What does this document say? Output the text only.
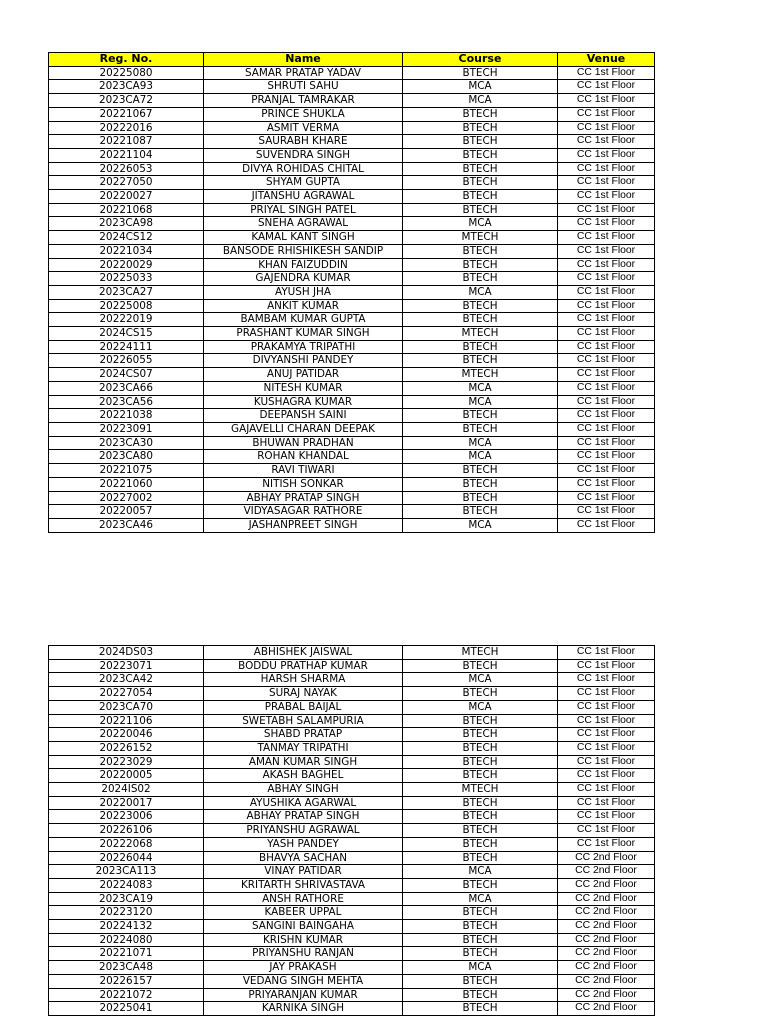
Reg. No.	Name	Course	Venue
20225080	SAMAR PRATAP YADAV	BTECH	CC 1st Floor
2023CA93	SHRUTI SAHU	MCA	CC 1st Floor
2023CA72	PRANJAL TAMRAKAR	MCA	CC 1st Floor
20221067	PRINCE SHUKLA	BTECH	CC 1st Floor
20222016	ASMIT VERMA	BTECH	CC 1st Floor
20221087	SAURABH KHARE	BTECH	CC 1st Floor
20221104	SUVENDRA SINGH	BTECH	CC 1st Floor
20226053	DIVYA ROHIDAS CHITAL	BTECH	CC 1st Floor
20227050	SHYAM GUPTA	BTECH	CC 1st Floor
20220027	JITANSHU AGRAWAL	BTECH	CC 1st Floor
20221068	PRIYAL SINGH PATEL	BTECH	CC 1st Floor
2023CA98	SNEHA AGRAWAL	MCA	CC 1st Floor
2024CS12	KAMAL KANT SINGH	MTECH	CC 1st Floor
20221034	BANSODE RHISHIKESH SANDIP	BTECH	CC 1st Floor
20220029	KHAN FAIZUDDIN	BTECH	CC 1st Floor
20225033	GAJENDRA KUMAR	BTECH	CC 1st Floor
2023CA27	AYUSH JHA	MCA	CC 1st Floor
20225008	ANKIT KUMAR	BTECH	CC 1st Floor
20222019	BAMBAM KUMAR GUPTA	BTECH	CC 1st Floor
2024CS15	PRASHANT KUMAR SINGH	MTECH	CC 1st Floor
20224111	PRAKAMYA TRIPATHI	BTECH	CC 1st Floor
20226055	DIVYANSHI PANDEY	BTECH	CC 1st Floor
2024CS07	ANUJ PATIDAR	MTECH	CC 1st Floor
2023CA66	NITESH KUMAR	MCA	CC 1st Floor
2023CA56	KUSHAGRA KUMAR	MCA	CC 1st Floor
20221038	DEEPANSH SAINI	BTECH	CC 1st Floor
20223091	GAJAVELLI CHARAN DEEPAK	BTECH	CC 1st Floor
2023CA30	BHUWAN PRADHAN	MCA	CC 1st Floor
2023CA80	ROHAN KHANDAL	MCA	CC 1st Floor
20221075	RAVI TIWARI	BTECH	CC 1st Floor
20221060	NITISH SONKAR	BTECH	CC 1st Floor
20227002	ABHAY PRATAP SINGH	BTECH	CC 1st Floor
20220057	VIDYASAGAR RATHORE	BTECH	CC 1st Floor
2023CA46	JASHANPREET SINGH	MCA	CC 1st Floor
2024DS03	ABHISHEK JAISWAL	MTECH	CC 1st Floor
20223071	BODDU PRATHAP KUMAR	BTECH	CC 1st Floor
2023CA42	HARSH SHARMA	MCA	CC 1st Floor
20227054	SURAJ NAYAK	BTECH	CC 1st Floor
2023CA70	PRABAL BAIJAL	MCA	CC 1st Floor
20221106	SWETABH SALAMPURIA	BTECH	CC 1st Floor
20220046	SHABD PRATAP	BTECH	CC 1st Floor
20226152	TANMAY TRIPATHI	BTECH	CC 1st Floor
20223029	AMAN KUMAR SINGH	BTECH	CC 1st Floor
20220005	AKASH BAGHEL	BTECH	CC 1st Floor
2024IS02	ABHAY SINGH	MTECH	CC 1st Floor
20220017	AYUSHIKA AGARWAL	BTECH	CC 1st Floor
20223006	ABHAY PRATAP SINGH	BTECH	CC 1st Floor
20226106	PRIYANSHU AGRAWAL	BTECH	CC 1st Floor
20222068	YASH PANDEY	BTECH	CC 1st Floor
20226044	BHAVYA SACHAN	BTECH	CC 2nd Floor
2023CA113	VINAY PATIDAR	MCA	CC 2nd Floor
20224083	KRITARTH SHRIVASTAVA	BTECH	CC 2nd Floor
2023CA19	ANSH RATHORE	MCA	CC 2nd Floor
20223120	KABEER UPPAL	BTECH	CC 2nd Floor
20224132	SANGINI BAINGAHA	BTECH	CC 2nd Floor
20224080	KRISHN KUMAR	BTECH	CC 2nd Floor
20221071	PRIYANSHU RANJAN	BTECH	CC 2nd Floor
2023CA48	JAY PRAKASH	MCA	CC 2nd Floor
20226157	VEDANG SINGH MEHTA	BTECH	CC 2nd Floor
20221072	PRIYARANJAN KUMAR	BTECH	CC 2nd Floor
20225041	KARNIKA SINGH	BTECH	CC 2nd Floor
